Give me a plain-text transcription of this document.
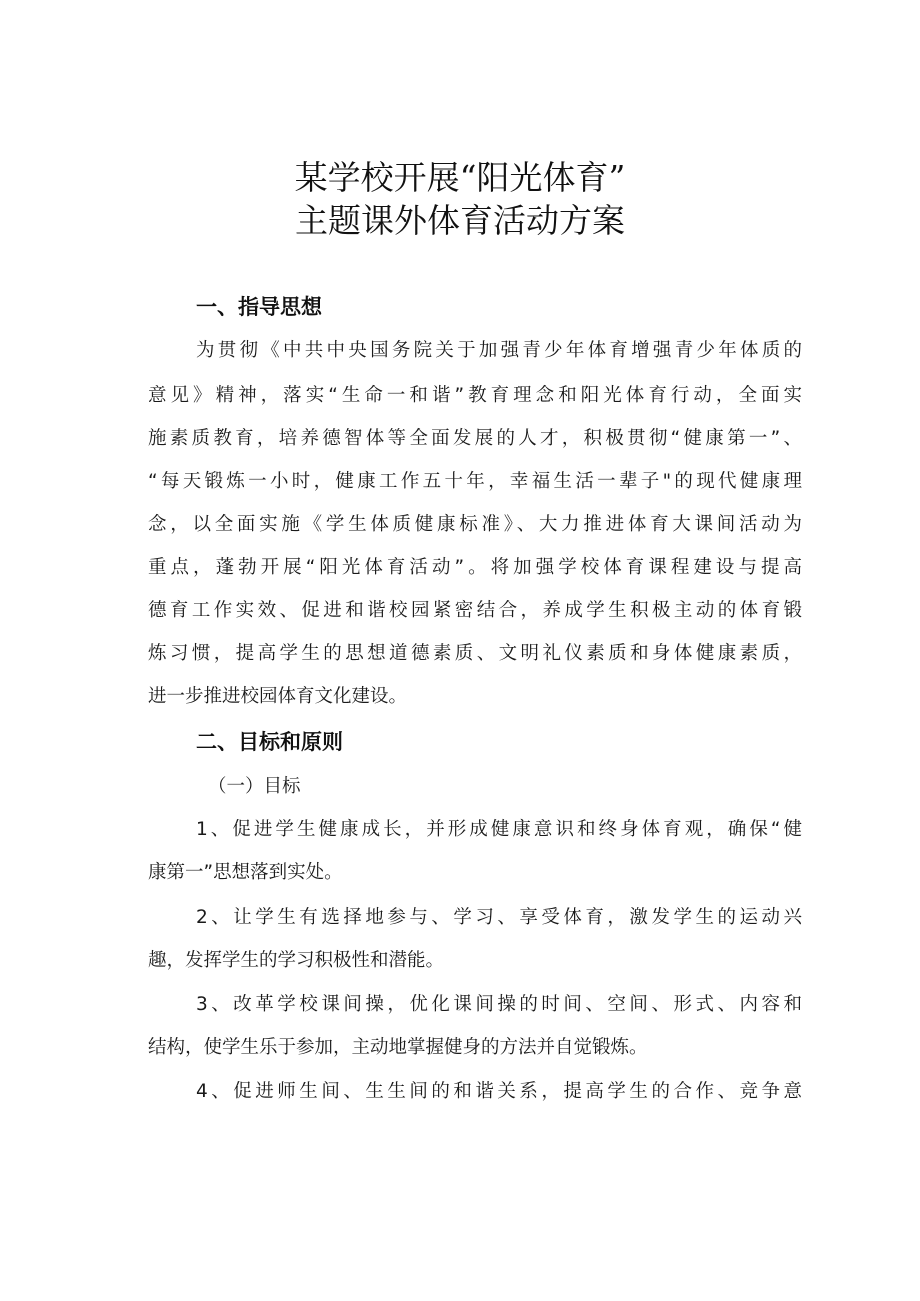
某学校开展“阳光体育”
主题课外体育活动方案
一、指导思想
为贯彻《中共中央国务院关于加强青少年体育增强青少年体质的
意见》精神，落实“生命一和谐”教育理念和阳光体育行动，全面实
施素质教育，培养德智体等全面发展的人才，积极贯彻“健康第一”、
“每天锻炼一小时，健康工作五十年，幸福生活一辈子"的现代健康理
念，以全面实施《学生体质健康标准》、大力推进体育大课间活动为
重点，蓬勃开展“阳光体育活动”。将加强学校体育课程建设与提高
德育工作实效、促进和谐校园紧密结合，养成学生积极主动的体育锻
炼习惯，提高学生的思想道德素质、文明礼仪素质和身体健康素质，
进一步推进校园体育文化建设。
二、目标和原则
（一）目标
1、促进学生健康成长，并形成健康意识和终身体育观，确保“健
康第一”思想落到实处。
2、让学生有选择地参与、学习、享受体育，激发学生的运动兴
趣，发挥学生的学习积极性和潜能。
3、改革学校课间操，优化课间操的时间、空间、形式、内容和
结构，使学生乐于参加，主动地掌握健身的方法并自觉锻炼。
4、促进师生间、生生间的和谐关系，提高学生的合作、竞争意
